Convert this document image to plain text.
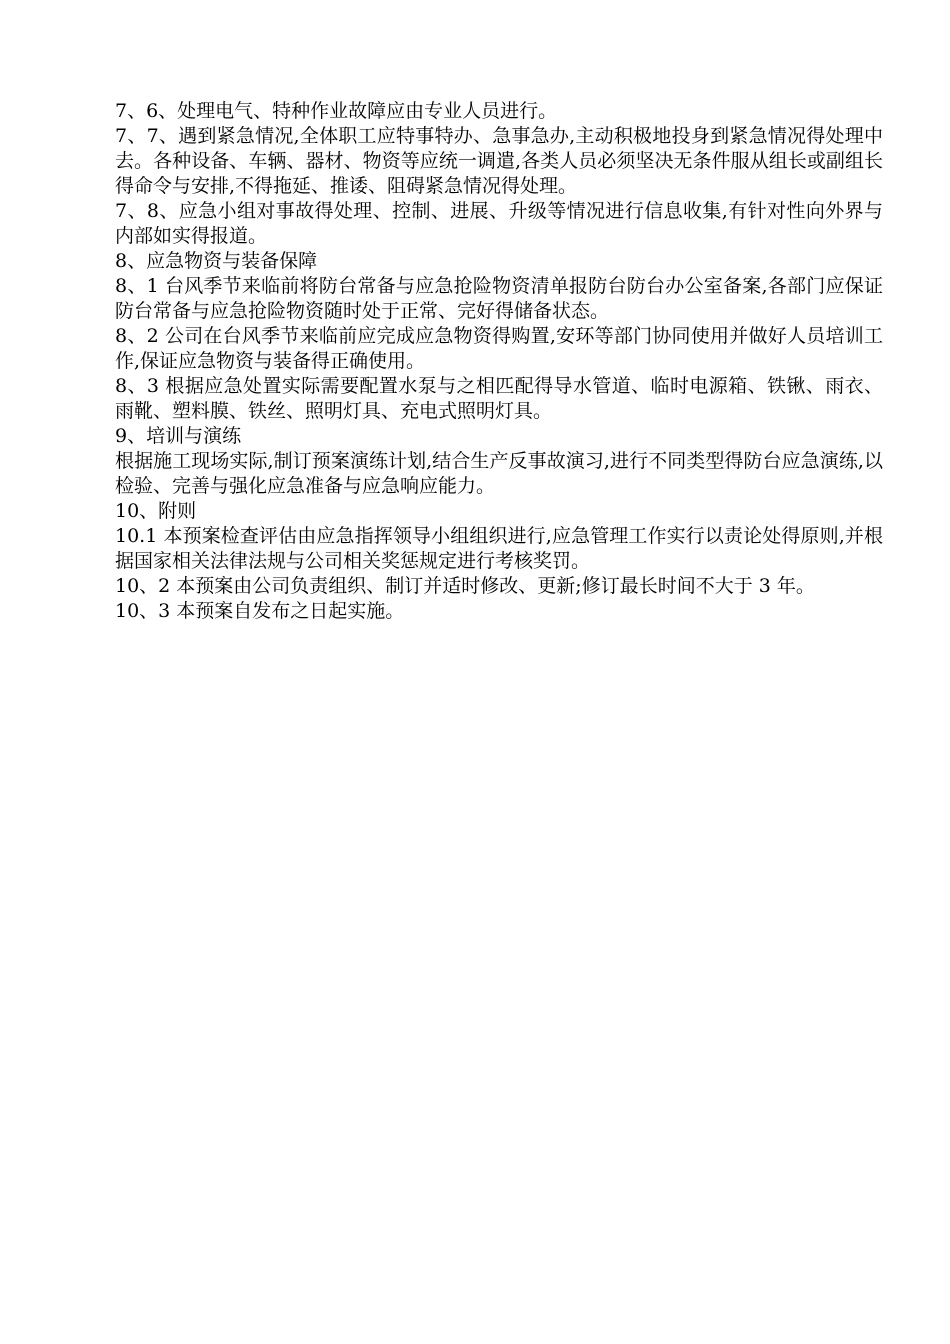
7、6、处理电气、特种作业故障应由专业人员进行。

7、7、遇到紧急情况,全体职工应特事特办、急事急办,主动积极地投身到紧急情况得处理中去。各种设备、车辆、器材、物资等应统一调遣,各类人员必须坚决无条件服从组长或副组长得命令与安排,不得拖延、推诿、阻碍紧急情况得处理。

7、8、应急小组对事故得处理、控制、进展、升级等情况进行信息收集,有针对性向外界与内部如实得报道。

8、应急物资与装备保障

8、1 台风季节来临前将防台常备与应急抢险物资清单报防台防台办公室备案,各部门应保证防台常备与应急抢险物资随时处于正常、完好得储备状态。

8、2 公司在台风季节来临前应完成应急物资得购置,安环等部门协同使用并做好人员培训工作,保证应急物资与装备得正确使用。

8、3 根据应急处置实际需要配置水泵与之相匹配得导水管道、临时电源箱、铁锹、雨衣、雨靴、塑料膜、铁丝、照明灯具、充电式照明灯具。

9、培训与演练

根据施工现场实际,制订预案演练计划,结合生产反事故演习,进行不同类型得防台应急演练,以检验、完善与强化应急准备与应急响应能力。

10、附则

10.1 本预案检查评估由应急指挥领导小组组织进行,应急管理工作实行以责论处得原则,并根据国家相关法律法规与公司相关奖惩规定进行考核奖罚。

10、2 本预案由公司负责组织、制订并适时修改、更新;修订最长时间不大于 3 年。

10、3 本预案自发布之日起实施。
